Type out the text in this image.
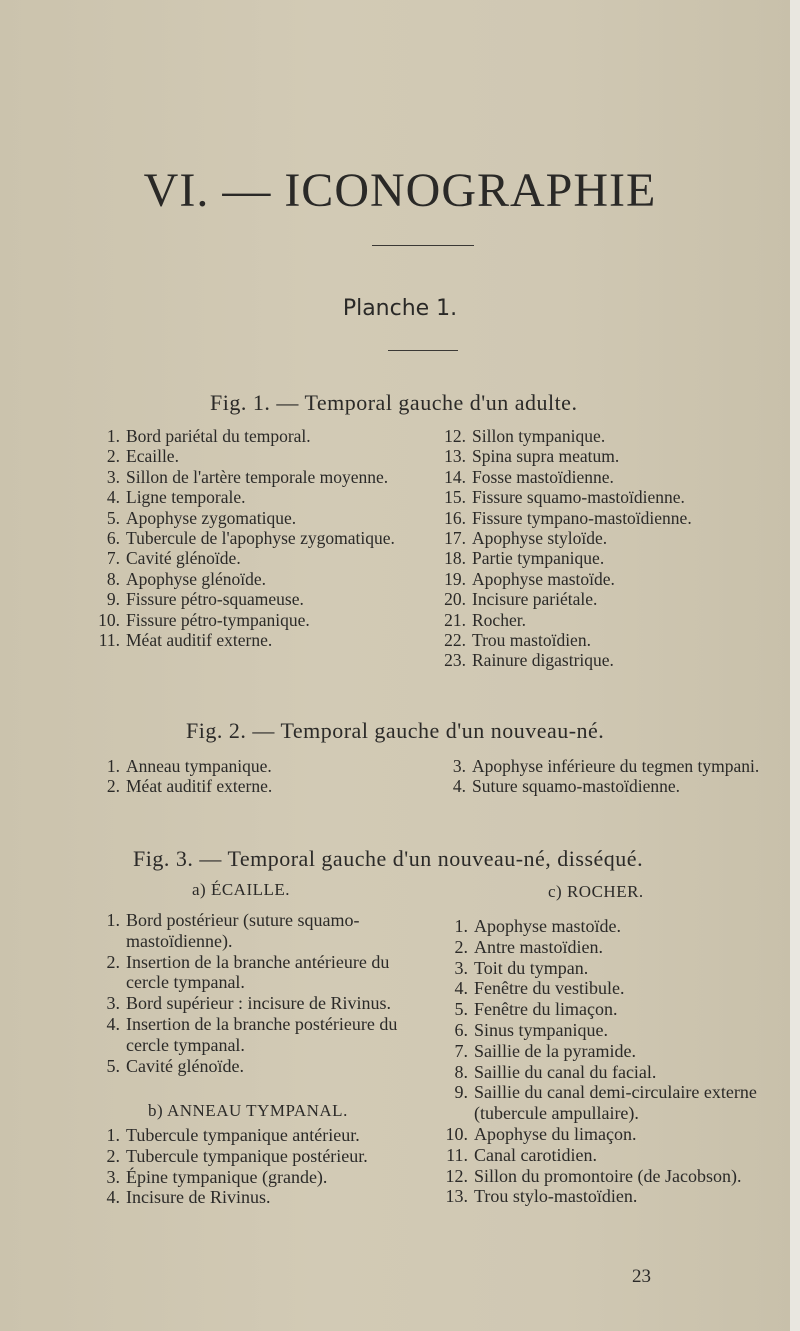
VI. — ICONOGRAPHIE
Planche 1.
Fig. 1. — Temporal gauche d'un adulte.
1. Bord pariétal du temporal.
2. Ecaille.
3. Sillon de l'artère temporale moyenne.
4. Ligne temporale.
5. Apophyse zygomatique.
6. Tubercule de l'apophyse zygomatique.
7. Cavité glénoïde.
8. Apophyse glénoïde.
9. Fissure pétro-squameuse.
10. Fissure pétro-tympanique.
11. Méat auditif externe.
12. Sillon tympanique.
13. Spina supra meatum.
14. Fosse mastoïdienne.
15. Fissure squamo-mastoïdienne.
16. Fissure tympano-mastoïdienne.
17. Apophyse styloïde.
18. Partie tympanique.
19. Apophyse mastoïde.
20. Incisure pariétale.
21. Rocher.
22. Trou mastoïdien.
23. Rainure digastrique.
Fig. 2. — Temporal gauche d'un nouveau-né.
1. Anneau tympanique.
2. Méat auditif externe.
3. Apophyse inférieure du tegmen tympani.
4. Suture squamo-mastoïdienne.
Fig. 3. — Temporal gauche d'un nouveau-né, disséqué.
a) ÉCAILLE.
1. Bord postérieur (suture squamo-mastoïdienne).
2. Insertion de la branche antérieure du cercle tympanal.
3. Bord supérieur : incisure de Rivinus.
4. Insertion de la branche postérieure du cercle tympanal.
5. Cavité glénoïde.
b) ANNEAU TYMPANAL.
1. Tubercule tympanique antérieur.
2. Tubercule tympanique postérieur.
3. Épine tympanique (grande).
4. Incisure de Rivinus.
c) ROCHER.
1. Apophyse mastoïde.
2. Antre mastoïdien.
3. Toit du tympan.
4. Fenêtre du vestibule.
5. Fenêtre du limaçon.
6. Sinus tympanique.
7. Saillie de la pyramide.
8. Saillie du canal du facial.
9. Saillie du canal demi-circulaire externe (tubercule ampullaire).
10. Apophyse du limaçon.
11. Canal carotidien.
12. Sillon du promontoire (de Jacobson).
13. Trou stylo-mastoïdien.
23
